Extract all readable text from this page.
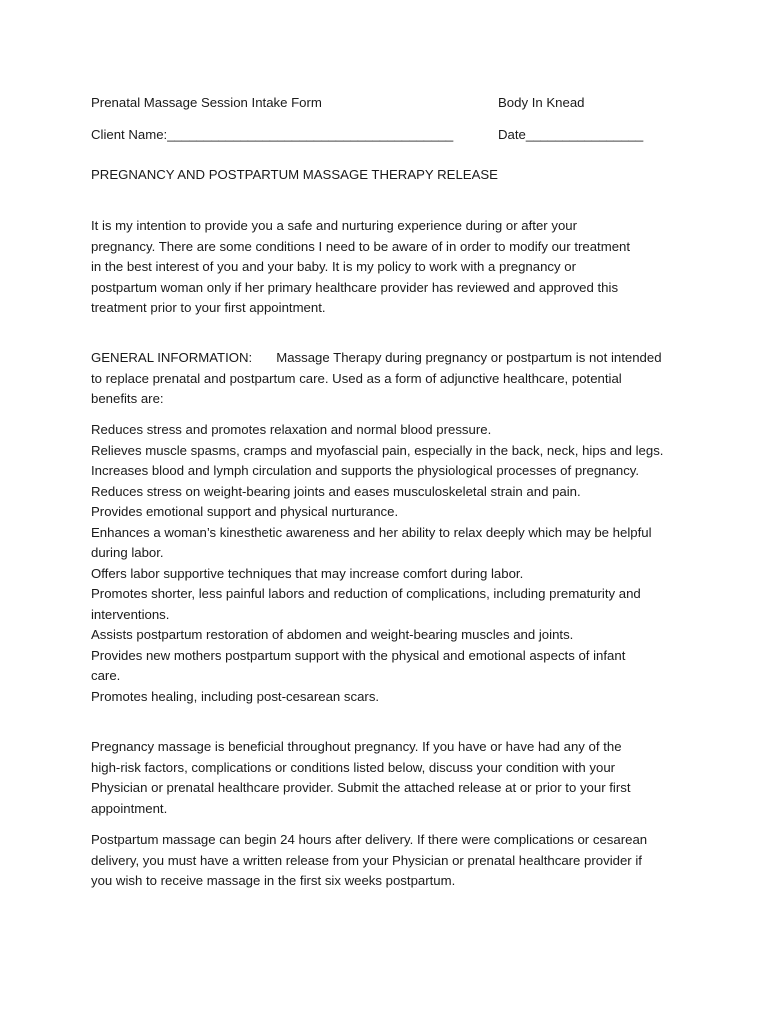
Prenatal Massage Session Intake Form	Body In Knead
Client Name:_______________________________________	Date________________
PREGNANCY AND POSTPARTUM MASSAGE THERAPY RELEASE
It is my intention to provide you a safe and nurturing experience during or after your
pregnancy. There are some conditions I need to be aware of in order to modify our treatment
in the best interest of you and your baby. It is my policy to work with a pregnancy or
postpartum woman only if her primary healthcare provider has reviewed and approved this
treatment prior to your first appointment.
GENERAL INFORMATION: Massage Therapy during pregnancy or postpartum is not intended
to replace prenatal and postpartum care. Used as a form of adjunctive healthcare, potential
benefits are:
Reduces stress and promotes relaxation and normal blood pressure.
Relieves muscle spasms, cramps and myofascial pain, especially in the back, neck, hips and legs.
Increases blood and lymph circulation and supports the physiological processes of pregnancy.
Reduces stress on weight-bearing joints and eases musculoskeletal strain and pain.
Provides emotional support and physical nurturance.
Enhances a woman’s kinesthetic awareness and her ability to relax deeply which may be helpful
during labor.
Offers labor supportive techniques that may increase comfort during labor.
Promotes shorter, less painful labors and reduction of complications, including prematurity and
interventions.
Assists postpartum restoration of abdomen and weight-bearing muscles and joints.
Provides new mothers postpartum support with the physical and emotional aspects of infant
care.
Promotes healing, including post-cesarean scars.
Pregnancy massage is beneficial throughout pregnancy. If you have or have had any of the
high-risk factors, complications or conditions listed below, discuss your condition with your
Physician or prenatal healthcare provider. Submit the attached release at or prior to your first
appointment.
Postpartum massage can begin 24 hours after delivery. If there were complications or cesarean
delivery, you must have a written release from your Physician or prenatal healthcare provider if
you wish to receive massage in the first six weeks postpartum.
